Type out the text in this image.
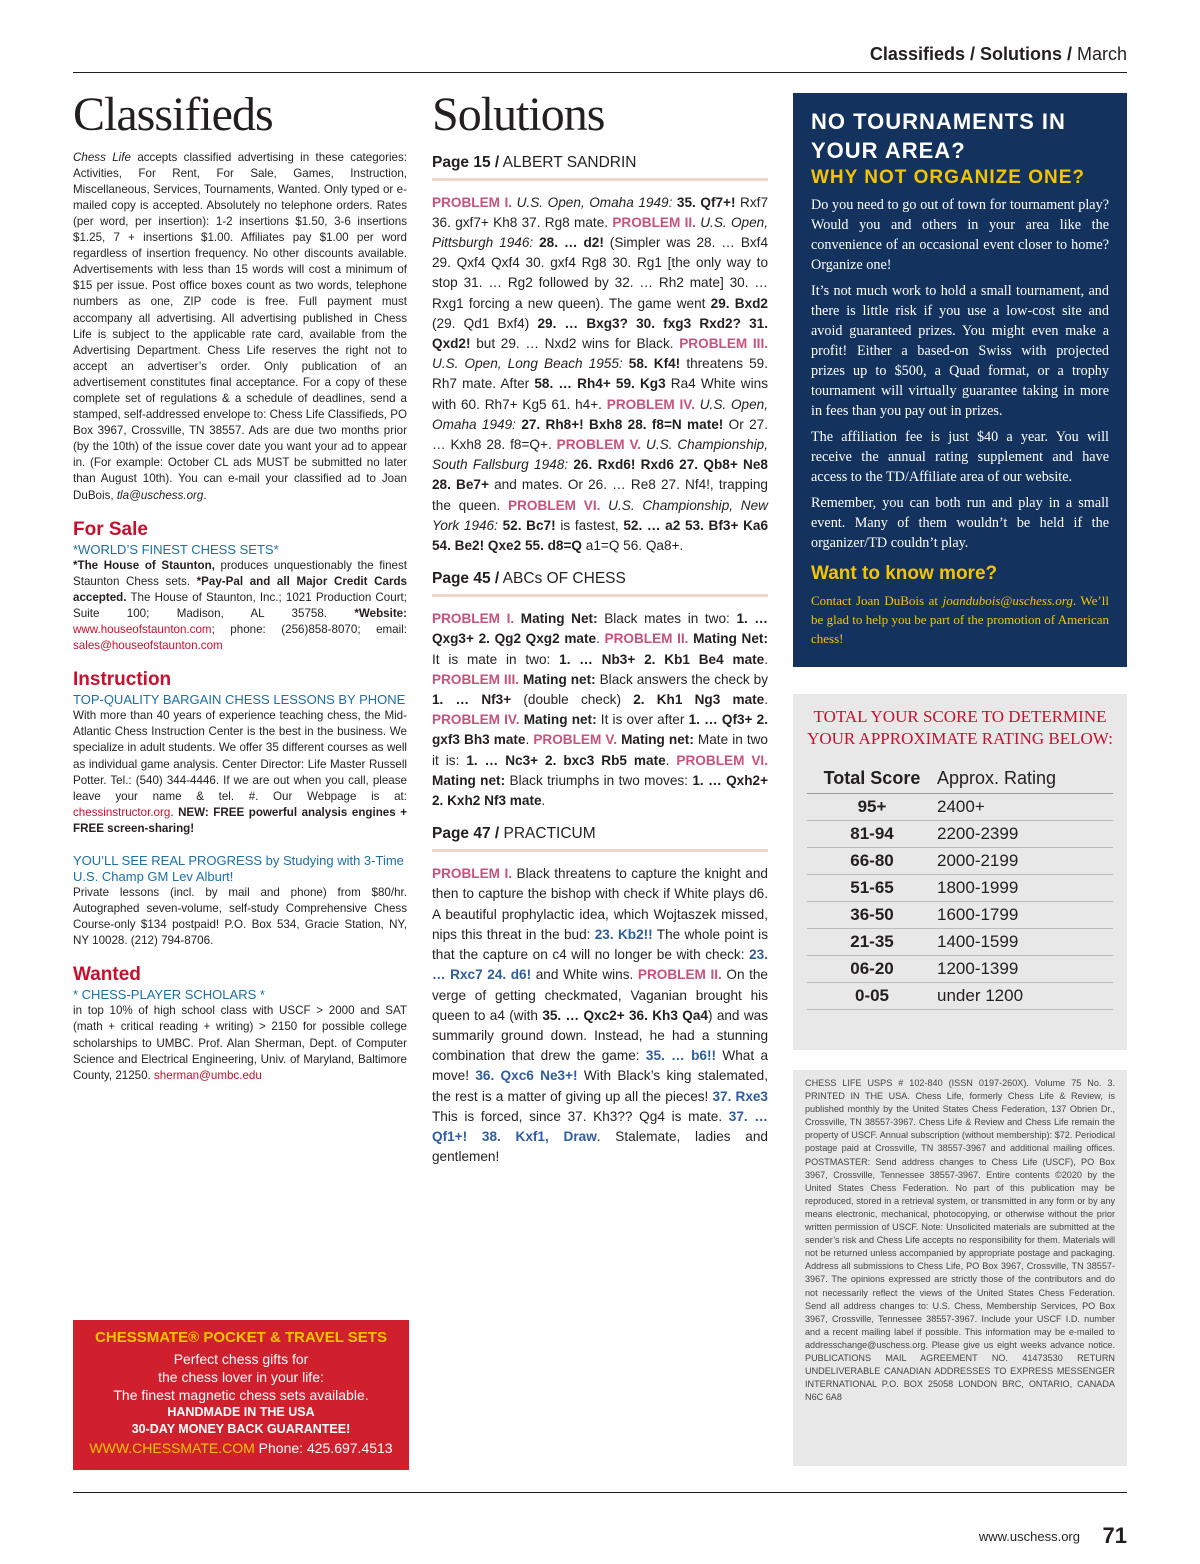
Classifieds / Solutions / March
Classifieds

Chess Life accepts classified advertising in these categories: Activities, For Rent, For Sale, Games, Instruction, Miscellaneous, Services, Tournaments, Wanted. Only typed or e-mailed copy is accepted. Absolutely no telephone orders. Rates (per word, per insertion): 1-2 insertions $1.50, 3-6 insertions $1.25, 7 + insertions $1.00. Affiliates pay $1.00 per word regardless of insertion frequency. No other discounts available. Advertisements with less than 15 words will cost a minimum of $15 per issue. Post office boxes count as two words, telephone numbers as one, ZIP code is free. Full payment must accompany all advertising. All advertising published in Chess Life is subject to the applicable rate card, available from the Advertising Department. Chess Life reserves the right not to accept an advertiser’s order. Only publication of an advertisement constitutes final acceptance. For a copy of these complete set of regulations & a schedule of deadlines, send a stamped, self-addressed envelope to: Chess Life Classifieds, PO Box 3967, Crossville, TN 38557. Ads are due two months prior (by the 10th) of the issue cover date you want your ad to appear in. (For example: October CL ads MUST be submitted no later than August 10th). You can e-mail your classified ad to Joan DuBois, tla@uschess.org.

For Sale

*WORLD’S FINEST CHESS SETS*

*The House of Staunton, produces unquestionably the finest Staunton Chess sets. *Pay-Pal and all Major Credit Cards accepted. The House of Staunton, Inc.; 1021 Production Court; Suite 100; Madison, AL 35758. *Website: www.houseofstaunton.com; phone: (256)858-8070; email: sales@houseofstaunton.com

Instruction

TOP-QUALITY BARGAIN CHESS LESSONS BY PHONE

With more than 40 years of experience teaching chess, the Mid-Atlantic Chess Instruction Center is the best in the business. We specialize in adult students. We offer 35 different courses as well as individual game analysis. Center Director: Life Master Russell Potter. Tel.: (540) 344-4446. If we are out when you call, please leave your name & tel. #. Our Webpage is at: chessinstructor.org. NEW: FREE powerful analysis engines + FREE screen-sharing!

YOU’LL SEE REAL PROGRESS by Studying with 3-Time U.S. Champ GM Lev Alburt!

Private lessons (incl. by mail and phone) from $80/hr. Autographed seven-volume, self-study Comprehensive Chess Course-only $134 postpaid! P.O. Box 534, Gracie Station, NY, NY 10028. (212) 794-8706.

Wanted

* CHESS-PLAYER SCHOLARS *

in top 10% of high school class with USCF > 2000 and SAT (math + critical reading + writing) > 2150 for possible college scholarships to UMBC. Prof. Alan Sherman, Dept. of Computer Science and Electrical Engineering, Univ. of Maryland, Baltimore County, 21250. sherman@umbc.edu

CHESSMATE® POCKET & TRAVEL SETS

Perfect chess gifts for

the chess lover in your life:

The finest magnetic chess sets available.

HANDMADE IN THE USA

30-DAY MONEY BACK GUARANTEE!

WWW.CHESSMATE.COM Phone: 425.697.4513

Solutions
Page 15 / ALBERT SANDRIN

PROBLEM I. U.S. Open, Omaha 1949: 35. Qf7+! Rxf7 36. gxf7+ Kh8 37. Rg8 mate. PROBLEM II. U.S. Open, Pittsburgh 1946: 28. … d2! (Simpler was 28. … Bxf4 29. Qxf4 Qxf4 30. gxf4 Rg8 30. Rg1 [the only way to stop 31. … Rg2 followed by 32. … Rh2 mate] 30. … Rxg1 forcing a new queen). The game went 29. Bxd2 (29. Qd1 Bxf4) 29. … Bxg3? 30. fxg3 Rxd2? 31. Qxd2! but 29. … Nxd2 wins for Black. PROBLEM III. U.S. Open, Long Beach 1955: 58. Kf4! threatens 59. Rh7 mate. After 58. … Rh4+ 59. Kg3 Ra4 White wins with 60. Rh7+ Kg5 61. h4+. PROBLEM IV. U.S. Open, Omaha 1949: 27. Rh8+! Bxh8 28. f8=N mate! Or 27. … Kxh8 28. f8=Q+. PROBLEM V. U.S. Championship, South Fallsburg 1948: 26. Rxd6! Rxd6 27. Qb8+ Ne8 28. Be7+ and mates. Or 26. … Re8 27. Nf4!, trapping the queen. PROBLEM VI. U.S. Championship, New York 1946: 52. Bc7! is fastest, 52. … a2 53. Bf3+ Ka6 54. Be2! Qxe2 55. d8=Q a1=Q 56. Qa8+.

Page 45 / ABCs OF CHESS

PROBLEM I. Mating Net: Black mates in two: 1. … Qxg3+ 2. Qg2 Qxg2 mate. PROBLEM II. Mating Net: It is mate in two: 1. … Nb3+ 2. Kb1 Be4 mate. PROBLEM III. Mating net: Black answers the check by 1. … Nf3+ (double check) 2. Kh1 Ng3 mate. PROBLEM IV. Mating net: It is over after 1. … Qf3+ 2. gxf3 Bh3 mate. PROBLEM V. Mating net: Mate in two it is: 1. … Nc3+ 2. bxc3 Rb5 mate. PROBLEM VI. Mating net: Black triumphs in two moves: 1. … Qxh2+ 2. Kxh2 Nf3 mate.

Page 47 / PRACTICUM

PROBLEM I. Black threatens to capture the knight and then to capture the bishop with check if White plays d6. A beautiful prophylactic idea, which Wojtaszek missed, nips this threat in the bud: 23. Kb2!! The whole point is that the capture on c4 will no longer be with check: 23. … Rxc7 24. d6! and White wins. PROBLEM II. On the verge of getting checkmated, Vaganian brought his queen to a4 (with 35. … Qxc2+ 36. Kh3 Qa4) and was summarily ground down. Instead, he had a stunning combination that drew the game: 35. … b6!! What a move! 36. Qxc6 Ne3+! With Black’s king stalemated, the rest is a matter of giving up all the pieces! 37. Rxe3 This is forced, since 37. Kh3?? Qg4 is mate. 37. … Qf1+! 38. Kxf1, Draw. Stalemate, ladies and gentlemen!

NO TOURNAMENTS IN YOUR AREA?
WHY NOT ORGANIZE ONE?

Do you need to go out of town for tournament play? Would you and others in your area like the convenience of an occasional event closer to home? Organize one!

It’s not much work to hold a small tournament, and there is little risk if you use a low-cost site and avoid guaranteed prizes. You might even make a profit! Either a based-on Swiss with projected prizes up to $500, a Quad format, or a trophy tournament will virtually guarantee taking in more in fees than you pay out in prizes.

The affiliation fee is just $40 a year. You will receive the annual rating supplement and have access to the TD/Affiliate area of our website.

Remember, you can both run and play in a small event. Many of them wouldn’t be held if the organizer/TD couldn’t play.

Want to know more?

Contact Joan DuBois at joandubois@uschess.org. We’ll be glad to help you be part of the promotion of American chess!

TOTAL YOUR SCORE TO DETERMINE YOUR APPROXIMATE RATING BELOW:
Total Score	Approx. Rating
95+	2400+
81-94	2200-2399
66-80	2000-2199
51-65	1800-1999
36-50	1600-1799
21-35	1400-1599
06-20	1200-1399
0-05	under 1200

CHESS LIFE USPS # 102-840 (ISSN 0197-260X). Volume 75 No. 3. PRINTED IN THE USA. Chess Life, formerly Chess Life & Review, is published monthly by the United States Chess Federation, 137 Obrien Dr., Crossville, TN 38557-3967. Chess Life & Review and Chess Life remain the property of USCF. Annual subscription (without membership): $72. Periodical postage paid at Crossville, TN 38557-3967 and additional mailing offices. POSTMASTER: Send address changes to Chess Life (USCF), PO Box 3967, Crossville, Tennessee 38557-3967. Entire contents ©2020 by the United States Chess Federation. No part of this publication may be reproduced, stored in a retrieval system, or transmitted in any form or by any means electronic, mechanical, photocopying, or otherwise without the prior written permission of USCF. Note: Unsolicited materials are submitted at the sender’s risk and Chess Life accepts no responsibility for them. Materials will not be returned unless accompanied by appropriate postage and packaging. Address all submissions to Chess Life, PO Box 3967, Crossville, TN 38557-3967. The opinions expressed are strictly those of the contributors and do not necessarily reflect the views of the United States Chess Federation. Send all address changes to: U.S. Chess, Membership Services, PO Box 3967, Crossville, Tennessee 38557-3967. Include your USCF I.D. number and a recent mailing label if possible. This information may be e-mailed to addresschange@uschess.org. Please give us eight weeks advance notice. PUBLICATIONS MAIL AGREEMENT NO. 41473530 RETURN UNDELIVERABLE CANADIAN ADDRESSES TO EXPRESS MESSENGER INTERNATIONAL P.O. BOX 25058 LONDON BRC, ONTARIO, CANADA N6C 6A8

www.uschess.org 71
